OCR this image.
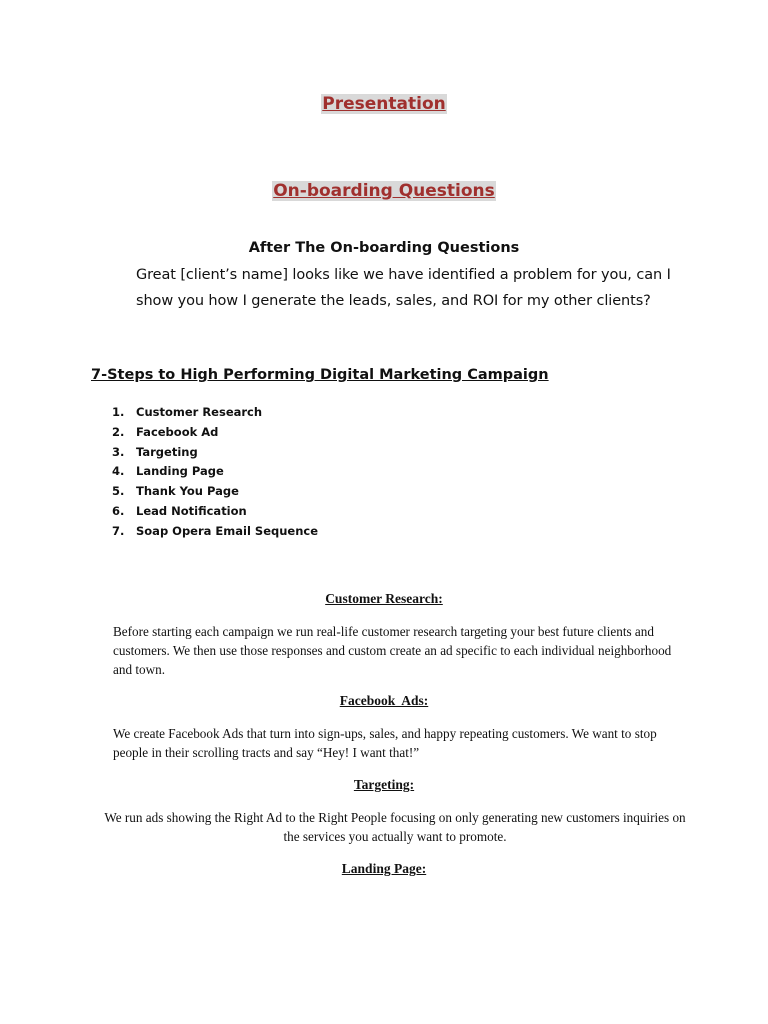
Presentation
On-boarding Questions
After The On-boarding Questions
Great [client’s name] looks like we have identified a problem for you, can I show you how I generate the leads, sales, and ROI for my other clients?
7-Steps to High Performing Digital Marketing Campaign
1. Customer Research
2. Facebook Ad
3. Targeting
4. Landing Page
5. Thank You Page
6. Lead Notification
7. Soap Opera Email Sequence
Customer Research:

Before starting each campaign we run real-life customer research targeting your best future clients and customers. We then use those responses and custom create an ad specific to each individual neighborhood and town.

Facebook  Ads:

We create Facebook Ads that turn into sign-ups, sales, and happy repeating customers. We want to stop people in their scrolling tracts and say “Hey! I want that!”

Targeting:

We run ads showing the Right Ad to the Right People focusing on only generating new customers inquiries on the services you actually want to promote.

Landing Page:
